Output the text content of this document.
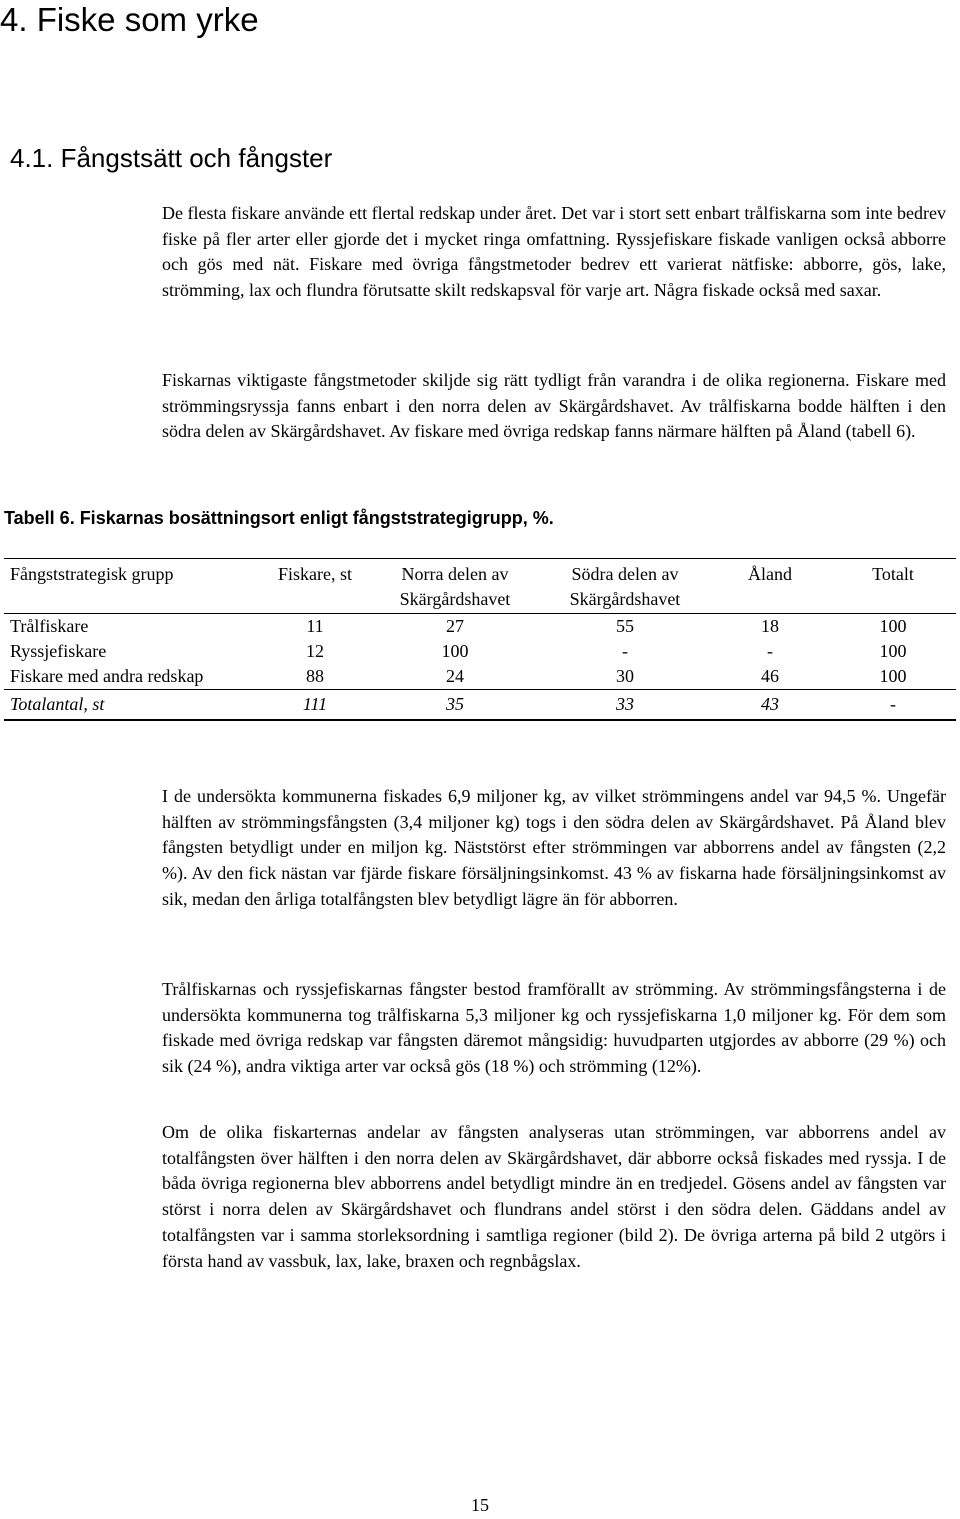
4. Fiske som yrke
4.1. Fångstsätt och fångster

De flesta fiskare använde ett flertal redskap under året. Det var i stort sett enbart trålfiskarna som inte bedrev fiske på fler arter eller gjorde det i mycket ringa omfattning. Ryssjefiskare fiskade vanligen också abborre och gös med nät. Fiskare med övriga fångstmetoder bedrev ett varierat nätfiske: abborre, gös, lake, strömming, lax och flundra förutsatte skilt redskapsval för varje art. Några fiskade också med saxar.

Fiskarnas viktigaste fångstmetoder skiljde sig rätt tydligt från varandra i de olika regionerna. Fiskare med strömmingsryssja fanns enbart i den norra delen av Skärgårdshavet. Av trålfiskarna bodde hälften i den södra delen av Skärgårdshavet. Av fiskare med övriga redskap fanns närmare hälften på Åland (tabell 6).

Tabell 6. Fiskarnas bosättningsort enligt fångststrategigrupp, %.

Fångststrategisk grupp	Fiskare, st	Norra delen av Skärgårdshavet	Södra delen av Skärgårdshavet	Åland	Totalt
Trålfiskare	11	27	55	18	100
Ryssjefiskare	12	100	-	-	100
Fiskare med andra redskap	88	24	30	46	100
Totalantal, st	111	35	33	43	-

I de undersökta kommunerna fiskades 6,9 miljoner kg, av vilket strömmingens andel var 94,5 %. Ungefär hälften av strömmingsfångsten (3,4 miljoner kg) togs i den södra delen av Skärgårdshavet. På Åland blev fångsten betydligt under en miljon kg. Näststörst efter strömmingen var abborrens andel av fångsten (2,2 %). Av den fick nästan var fjärde fiskare försäljningsinkomst. 43 % av fiskarna hade försäljningsinkomst av sik, medan den årliga totalfångsten blev betydligt lägre än för abborren.

Trålfiskarnas och ryssjefiskarnas fångster bestod framförallt av strömming. Av strömmingsfångsterna i de undersökta kommunerna tog trålfiskarna 5,3 miljoner kg och ryssjefiskarna 1,0 miljoner kg. För dem som fiskade med övriga redskap var fångsten däremot mångsidig: huvudparten utgjordes av abborre (29 %) och sik (24 %), andra viktiga arter var också gös (18 %) och strömming (12%).

Om de olika fiskarternas andelar av fångsten analyseras utan strömmingen, var abborrens andel av totalfångsten över hälften i den norra delen av Skärgårdshavet, där abborre också fiskades med ryssja. I de båda övriga regionerna blev abborrens andel betydligt mindre än en tredjedel. Gösens andel av fångsten var störst i norra delen av Skärgårdshavet och flundrans andel störst i den södra delen. Gäddans andel av totalfångsten var i samma storleksordning i samtliga regioner (bild 2). De övriga arterna på bild 2 utgörs i första hand av vassbuk, lax, lake, braxen och regnbågslax.

15
